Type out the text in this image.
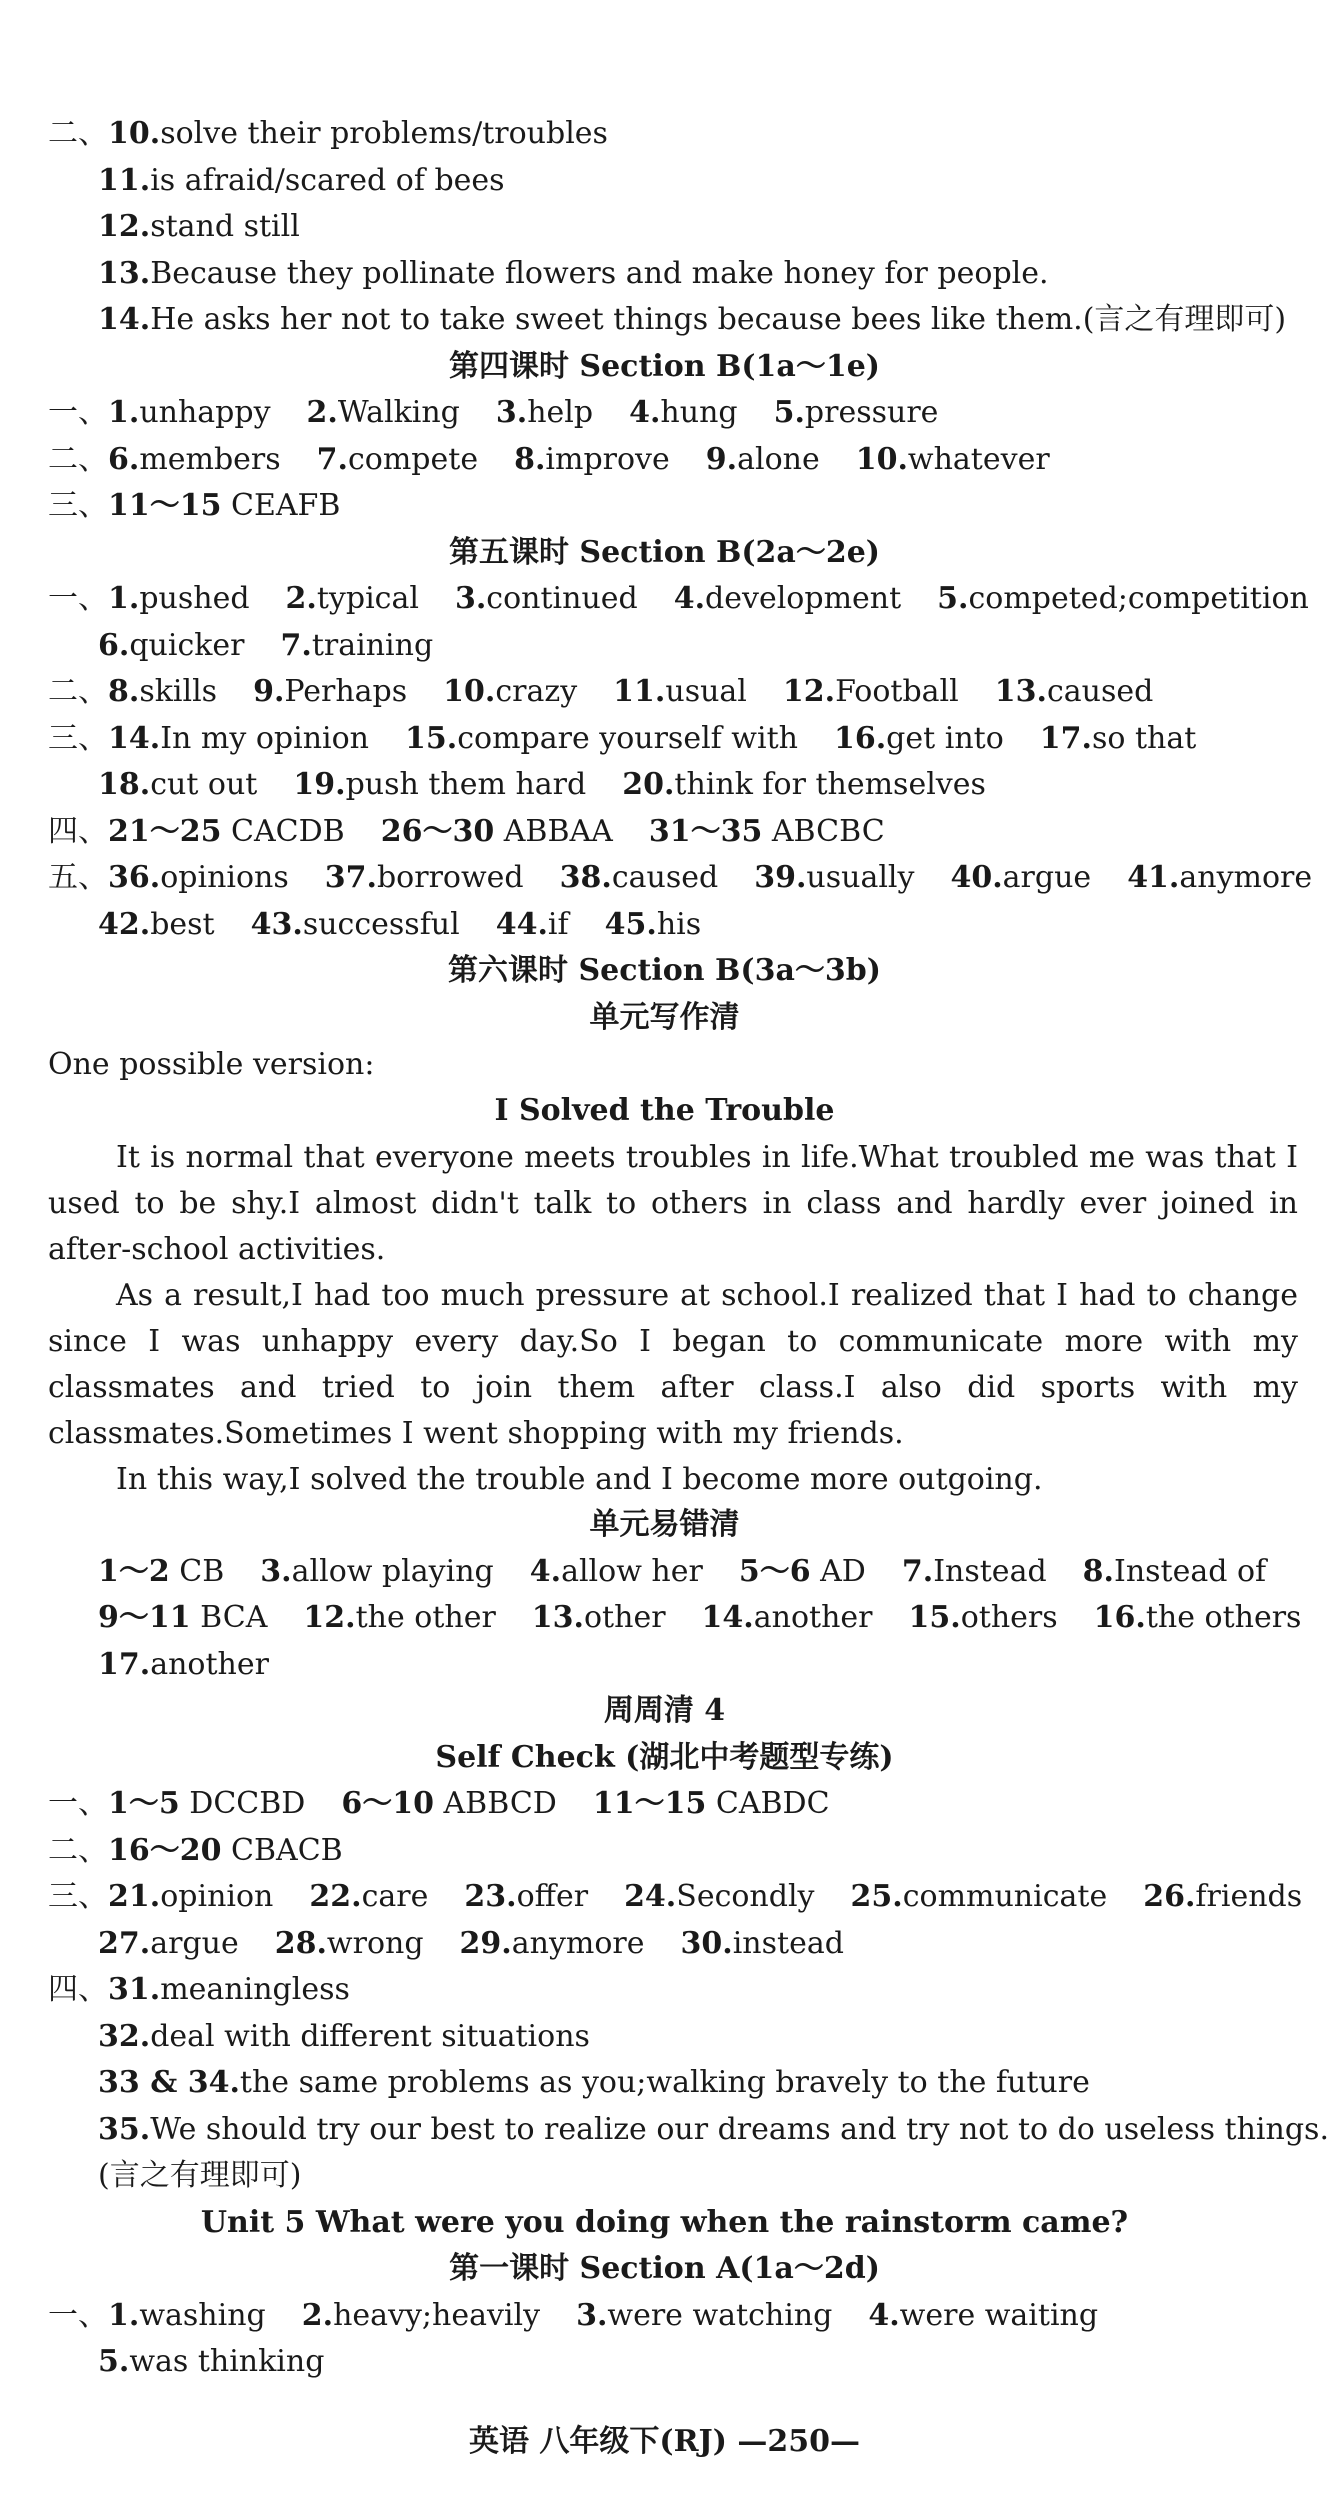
二、10.solve their problems/troubles
11.is afraid/scared of bees
12.stand still
13.Because they pollinate flowers and make honey for people.
14.He asks her not to take sweet things because bees like them.(言之有理即可)
第四课时 Section B(1a～1e)
一、1.unhappy 2.Walking 3.help 4.hung 5.pressure
二、6.members 7.compete 8.improve 9.alone 10.whatever
三、11～15 CEAFB
第五课时 Section B(2a～2e)
一、1.pushed 2.typical 3.continued 4.development 5.competed;competition
6.quicker 7.training
二、8.skills 9.Perhaps 10.crazy 11.usual 12.Football 13.caused
三、14.In my opinion 15.compare yourself with 16.get into 17.so that
18.cut out 19.push them hard 20.think for themselves
四、21～25 CACDB 26～30 ABBAA 31～35 ABCBC
五、36.opinions 37.borrowed 38.caused 39.usually 40.argue 41.anymore
42.best 43.successful 44.if 45.his
第六课时 Section B(3a～3b)
单元写作清
One possible version:
I Solved the Trouble
It is normal that everyone meets troubles in life.What troubled me was that I used to be shy.I almost didn't talk to others in class and hardly ever joined in after-school activities.
As a result,I had too much pressure at school.I realized that I had to change since I was unhappy every day.So I began to communicate more with my classmates and tried to join them after class.I also did sports with my classmates.Sometimes I went shopping with my friends.
In this way,I solved the trouble and I become more outgoing.
单元易错清
1～2 CB 3.allow playing 4.allow her 5～6 AD 7.Instead 8.Instead of
9～11 BCA 12.the other 13.other 14.another 15.others 16.the others
17.another
周周清 4
Self Check (湖北中考题型专练)
一、1～5 DCCBD 6～10 ABBCD 11～15 CABDC
二、16～20 CBACB
三、21.opinion 22.care 23.offer 24.Secondly 25.communicate 26.friends
27.argue 28.wrong 29.anymore 30.instead
四、31.meaningless
32.deal with different situations
33 & 34.the same problems as you;walking bravely to the future
35.We should try our best to realize our dreams and try not to do useless things.
(言之有理即可)
Unit 5 What were you doing when the rainstorm came?
第一课时 Section A(1a～2d)
一、1.washing 2.heavy;heavily 3.were watching 4.were waiting
5.was thinking
英语 八年级下(RJ) —250—
